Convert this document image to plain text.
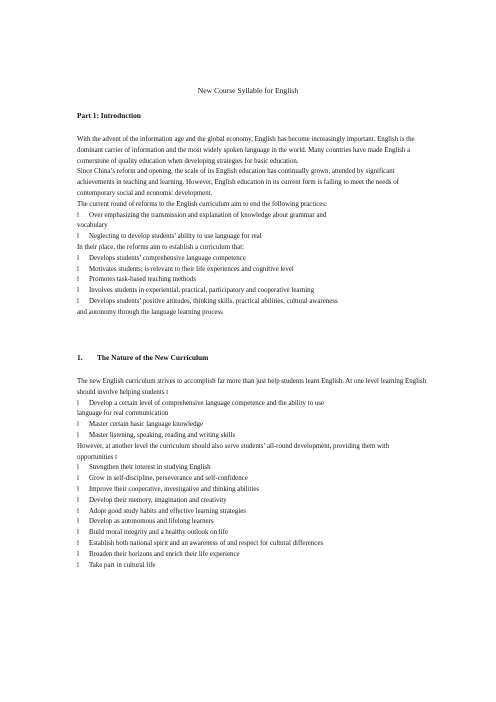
New Course Syllable for English
Part 1: Introduction

With the advent of the information age and the global economy, English has become increasingly important. English is the dominant carrier of information and the most widely spoken language in the world. Many countries have made English a cornerstone of quality education when developing strategies for basic education.

Since China’s reform and opening, the scale of its English education has continually grown, attended by significant achievements in teaching and learning. However, English education in its current form is failing to meet the needs of contemporary social and economic development.

The current round of reforms to the English curriculum aim to end the following practices:

l	Over emphasizing the transmission and explanation of knowledge about grammar and

vocabulary

l	Neglecting to develop students’ ability to use language for real

In their place, the reforms aim to establish a curriculum that:

l	Develops students’ comprehensive language competence
l	Motivates students; is relevant to their life experiences and cognitive level
l	Promotes task-based teaching methods
l	Involves students in experiential, practical, participatory and cooperative learning
l	Develops students’ positive attitudes, thinking skills, practical abilities, cultural awareness

and autonomy through the language learning process

1. The Nature of the New Curriculum

The new English curriculum strives to accomplish far more than just help students learn English. At one level learning English should involve helping students t

l	Develop a certain level of comprehensive language competence and the ability to use

language for real communication

l	Master certain basic language knowledge
l	Master listening, speaking, reading and writing skills

However, at another level the curriculum should also serve students’ all-round development, providing them with opportunities t

l	Strengthen their interest in studying English
l	Grow in self-discipline, perseverance and self-confidence
l	Improve their cooperative, investigative and thinking abilities
l	Develop their memory, imagination and creativity
l	Adopt good study habits and effective learning strategies
l	Develop as autonomous and lifelong learners
l	Build moral integrity and a healthy outlook on life
l	Establish both national spirit and an awareness of and respect for cultural differences
l	Broaden their horizons and enrich their life experience
l	Take part in cultural life
